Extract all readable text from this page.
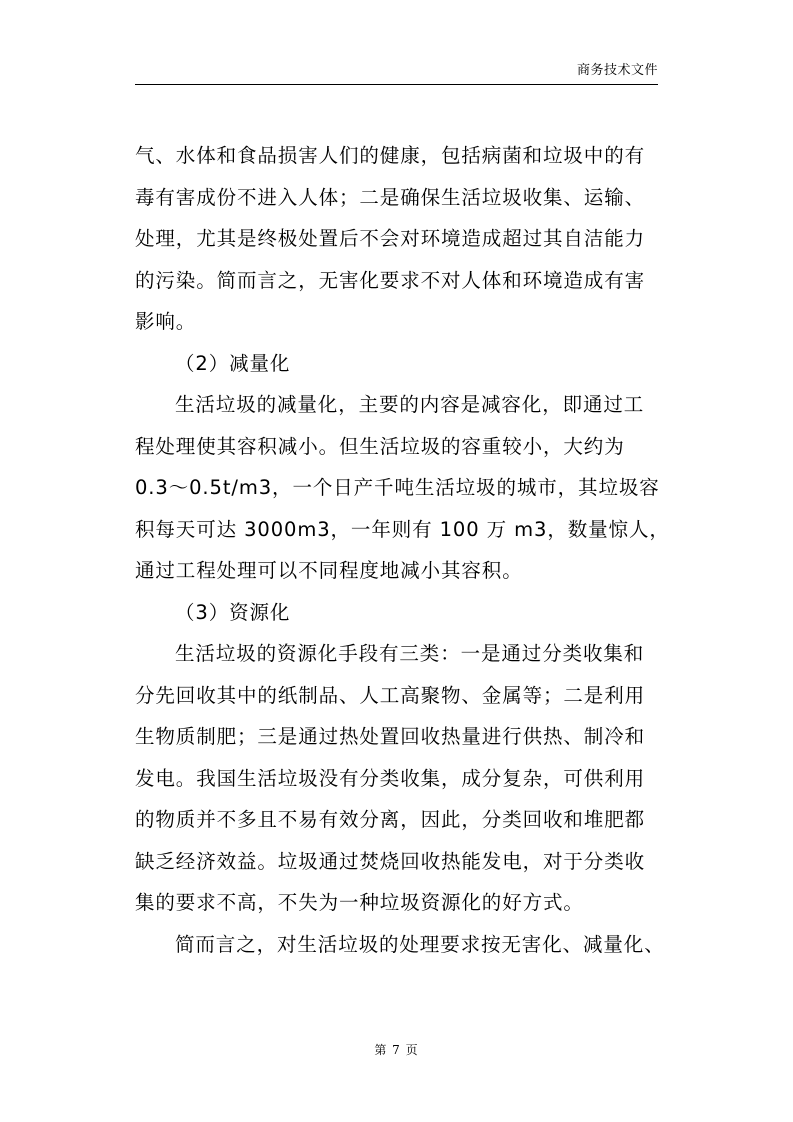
商务技术文件
气、水体和食品损害人们的健康，包括病菌和垃圾中的有
毒有害成份不进入人体；二是确保生活垃圾收集、运输、
处理，尤其是终极处置后不会对环境造成超过其自洁能力
的污染。简而言之，无害化要求不对人体和环境造成有害
影响。
（2）减量化
生活垃圾的减量化，主要的内容是减容化，即通过工
程处理使其容积减小。但生活垃圾的容重较小，大约为
0.3～0.5t/m3，一个日产千吨生活垃圾的城市，其垃圾容
积每天可达 3000m3，一年则有 100 万 m3，数量惊人，
通过工程处理可以不同程度地减小其容积。
（3）资源化
生活垃圾的资源化手段有三类：一是通过分类收集和
分先回收其中的纸制品、人工高聚物、金属等；二是利用
生物质制肥；三是通过热处置回收热量进行供热、制冷和
发电。我国生活垃圾没有分类收集，成分复杂，可供利用
的物质并不多且不易有效分离，因此，分类回收和堆肥都
缺乏经济效益。垃圾通过焚烧回收热能发电，对于分类收
集的要求不高，不失为一种垃圾资源化的好方式。
简而言之，对生活垃圾的处理要求按无害化、减量化、
第 7 页
